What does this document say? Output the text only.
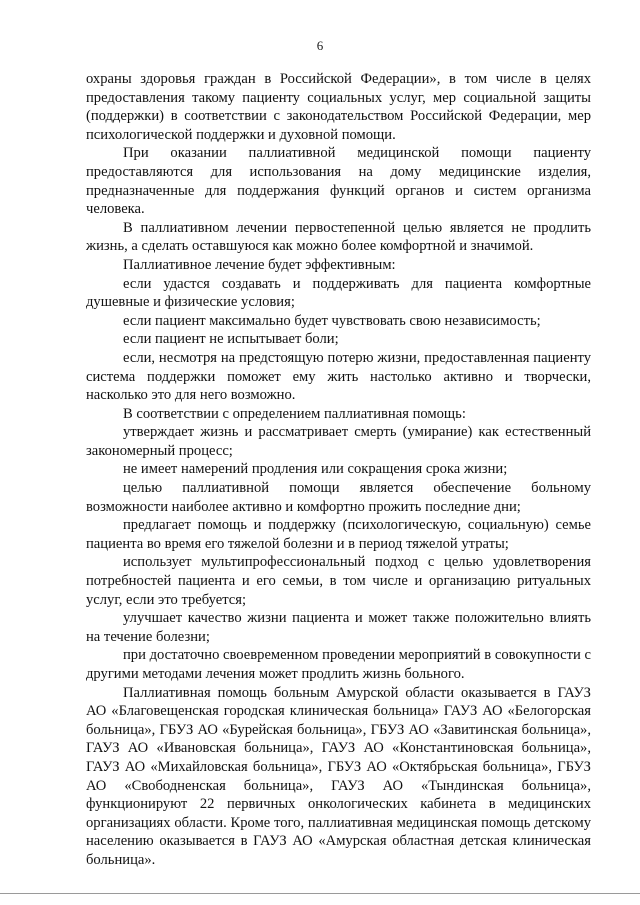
6

охраны здоровья граждан в Российской Федерации», в том числе в целях предоставления такому пациенту социальных услуг, мер социальной защиты (поддержки) в соответствии с законодательством Российской Федерации, мер психологической поддержки и духовной помощи.

При оказании паллиативной медицинской помощи пациенту предоставляются для использования на дому медицинские изделия, предназначенные для поддержания функций органов и систем организма человека.

В паллиативном лечении первостепенной целью является не продлить жизнь, а сделать оставшуюся как можно более комфортной и значимой.

Паллиативное лечение будет эффективным:

если удастся создавать и поддерживать для пациента комфортные душевные и физические условия;

если пациент максимально будет чувствовать свою независимость;

если пациент не испытывает боли;

если, несмотря на предстоящую потерю жизни, предоставленная пациенту система поддержки поможет ему жить настолько активно и творчески, насколько это для него возможно.

В соответствии с определением паллиативная помощь:

утверждает жизнь и рассматривает смерть (умирание) как естественный закономерный процесс;

не имеет намерений продления или сокращения срока жизни;

целью паллиативной помощи является обеспечение больному возможности наиболее активно и комфортно прожить последние дни;

предлагает помощь и поддержку (психологическую, социальную) семье пациента во время его тяжелой болезни и в период тяжелой утраты;

использует мультипрофессиональный подход с целью удовлетворения потребностей пациента и его семьи, в том числе и организацию ритуальных услуг, если это требуется;

улучшает качество жизни пациента и может также положительно влиять на течение болезни;

при достаточно своевременном проведении мероприятий в совокупности с другими методами лечения может продлить жизнь больного.

Паллиативная помощь больным Амурской области оказывается в ГАУЗ АО «Благовещенская городская клиническая больница» ГАУЗ АО «Белогорская больница», ГБУЗ АО «Бурейская больница», ГБУЗ АО «Завитинская больница», ГАУЗ АО «Ивановская больница», ГАУЗ АО «Константиновская больница», ГАУЗ АО «Михайловская больница», ГБУЗ АО «Октябрьская больница», ГБУЗ АО «Свободненская больница», ГАУЗ АО «Тындинская больница», функционируют 22 первичных онкологических кабинета в медицинских организациях области. Кроме того, паллиативная медицинская помощь детскому населению оказывается в ГАУЗ АО «Амурская областная детская клиническая больница».
